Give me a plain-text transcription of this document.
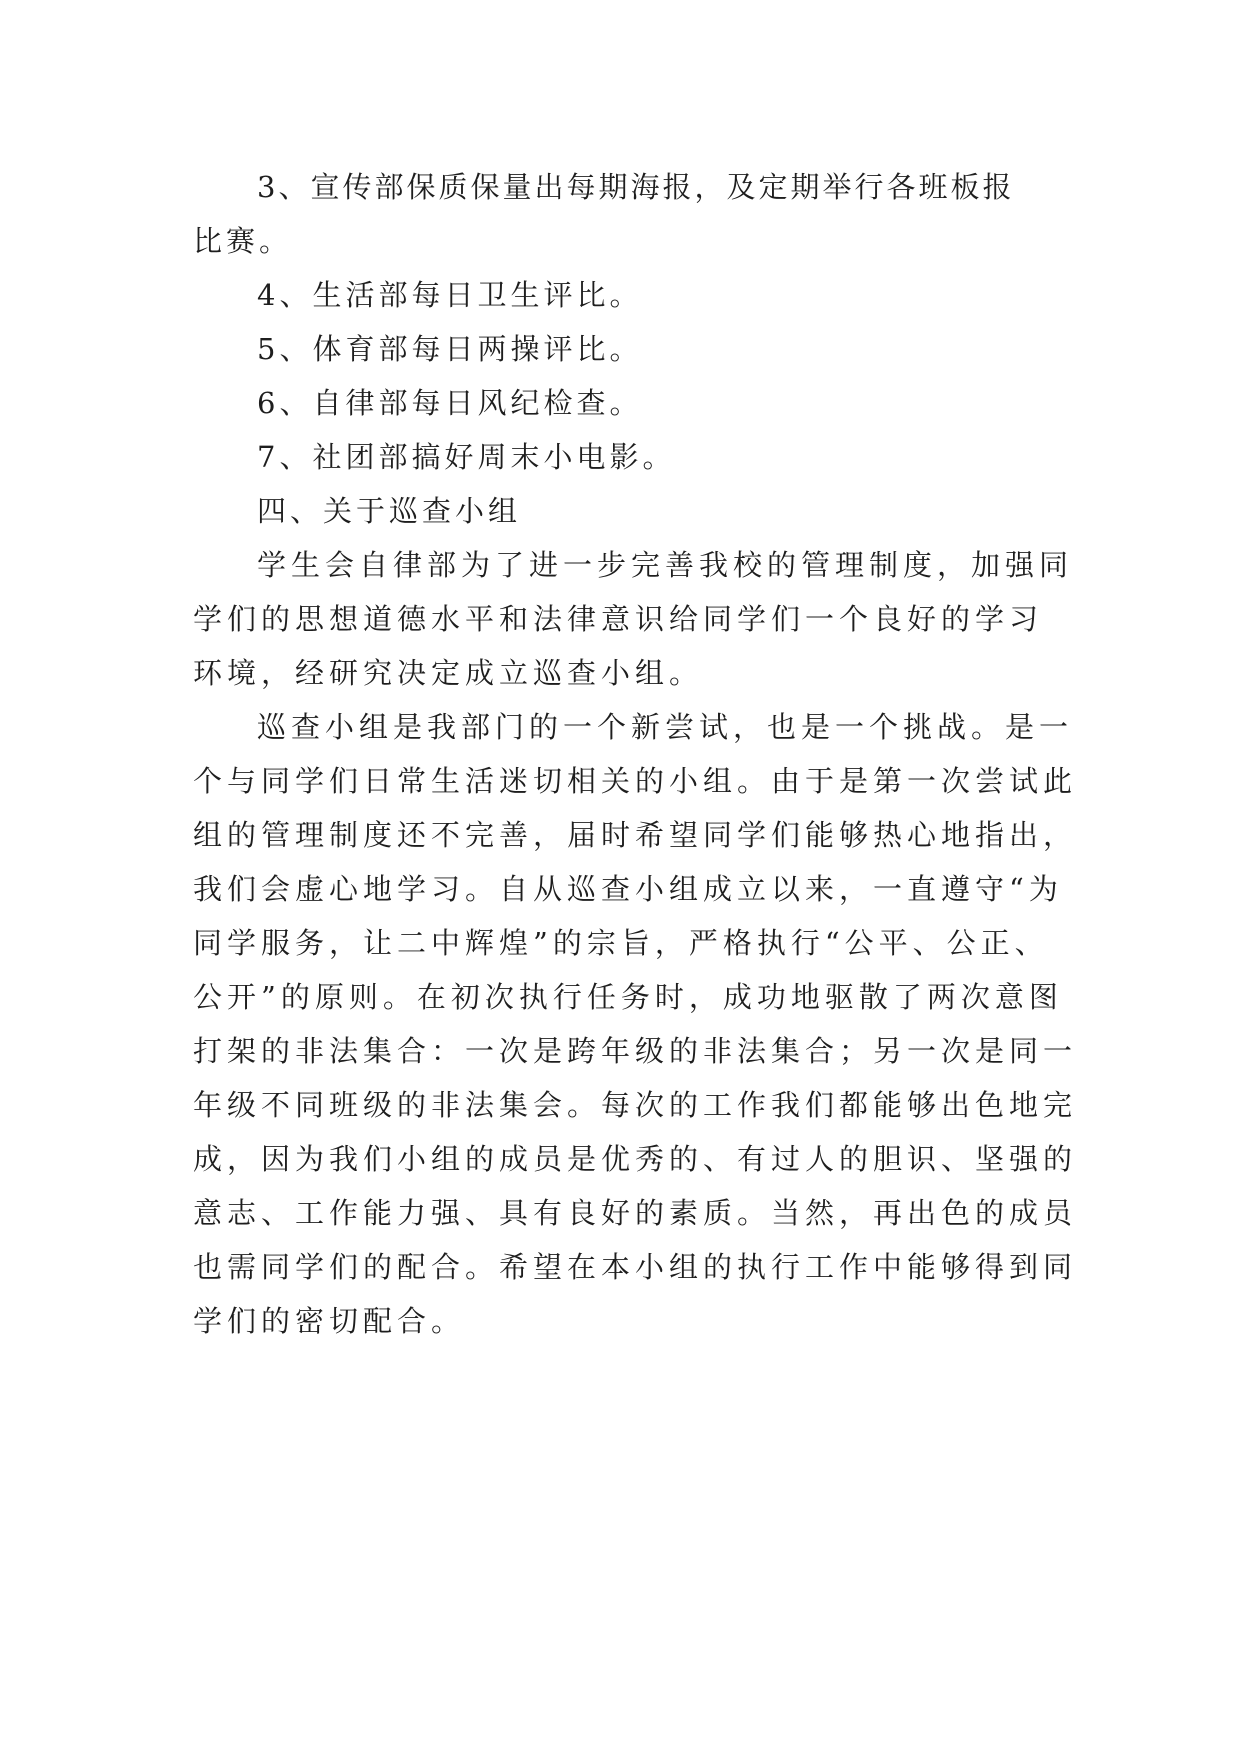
3、宣传部保质保量出每期海报，及定期举行各班板报
比赛。
4、生活部每日卫生评比。
5、体育部每日两操评比。
6、自律部每日风纪检查。
7、社团部搞好周末小电影。
四、关于巡查小组
学生会自律部为了进一步完善我校的管理制度，加强同
学们的思想道德水平和法律意识给同学们一个良好的学习
环境，经研究决定成立巡查小组。
巡查小组是我部门的一个新尝试，也是一个挑战。是一
个与同学们日常生活迷切相关的小组。由于是第一次尝试此
组的管理制度还不完善，届时希望同学们能够热心地指出，
我们会虚心地学习。自从巡查小组成立以来，一直遵守“为
同学服务，让二中辉煌”的宗旨，严格执行“公平、公正、
公开”的原则。在初次执行任务时，成功地驱散了两次意图
打架的非法集合：一次是跨年级的非法集合；另一次是同一
年级不同班级的非法集会。每次的工作我们都能够出色地完
成，因为我们小组的成员是优秀的、有过人的胆识、坚强的
意志、工作能力强、具有良好的素质。当然，再出色的成员
也需同学们的配合。希望在本小组的执行工作中能够得到同
学们的密切配合。
